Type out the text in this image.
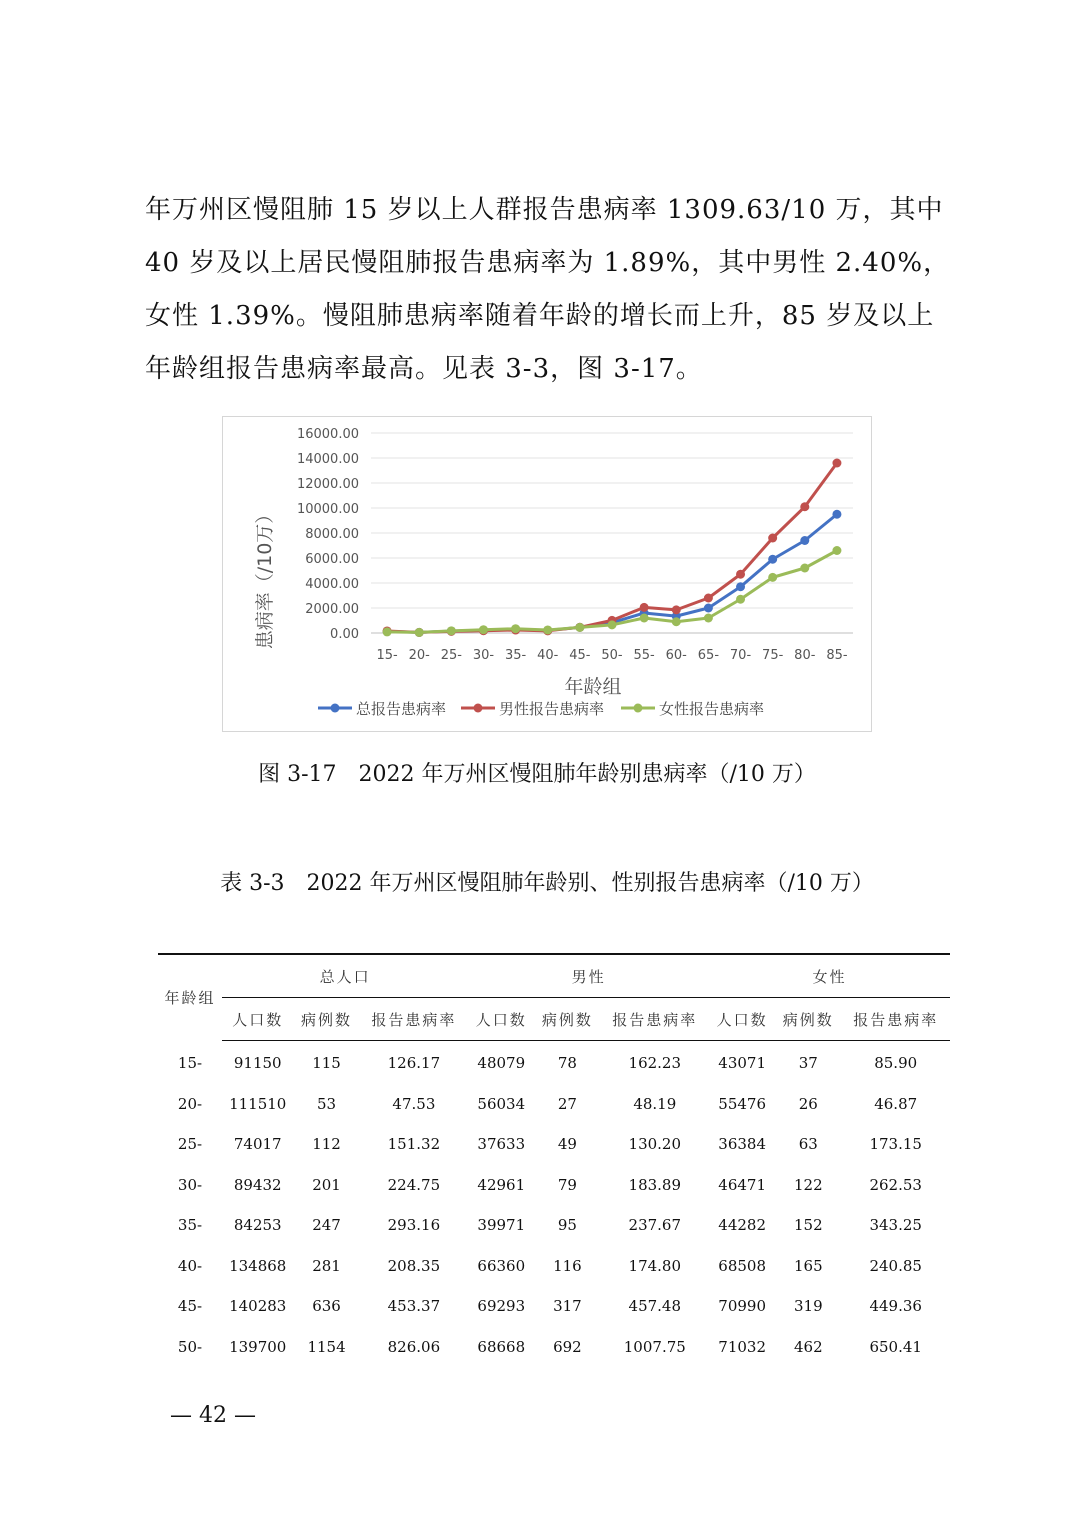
年万州区慢阻肺 15 岁以上人群报告患病率 1309.63/10 万，其中
40 岁及以上居民慢阻肺报告患病率为 1.89%，其中男性 2.40%，
女性 1.39%。慢阻肺患病率随着年龄的增长而上升，85 岁及以上
年龄组报告患病率最高。见表 3-3，图 3-17。

0.00
2000.00
4000.00
6000.00
8000.00
10000.00
12000.00
14000.00
16000.00
15- 20- 25- 30- 35- 40- 45- 50- 55- 60- 65- 70- 75- 80- 85-
患病率（/10万）
年龄组
总报告患病率	男性报告患病率	女性报告患病率
图 3-17　2022 年万州区慢阻肺年龄别患病率（/10 万）
表 3-3　2022 年万州区慢阻肺年龄别、性别报告患病率（/10 万）
年龄组	总人口			男性			女性		
	人口数	病例数	报告患病率	人口数	病例数	报告患病率	人口数	病例数	报告患病率
15-	91150	115	126.17	48079	78	162.23	43071	37	85.90
20-	111510	53	47.53	56034	27	48.19	55476	26	46.87
25-	74017	112	151.32	37633	49	130.20	36384	63	173.15
30-	89432	201	224.75	42961	79	183.89	46471	122	262.53
35-	84253	247	293.16	39971	95	237.67	44282	152	343.25
40-	134868	281	208.35	66360	116	174.80	68508	165	240.85
45-	140283	636	453.37	69293	317	457.48	70990	319	449.36
50-	139700	1154	826.06	68668	692	1007.75	71032	462	650.41
— 42 —
